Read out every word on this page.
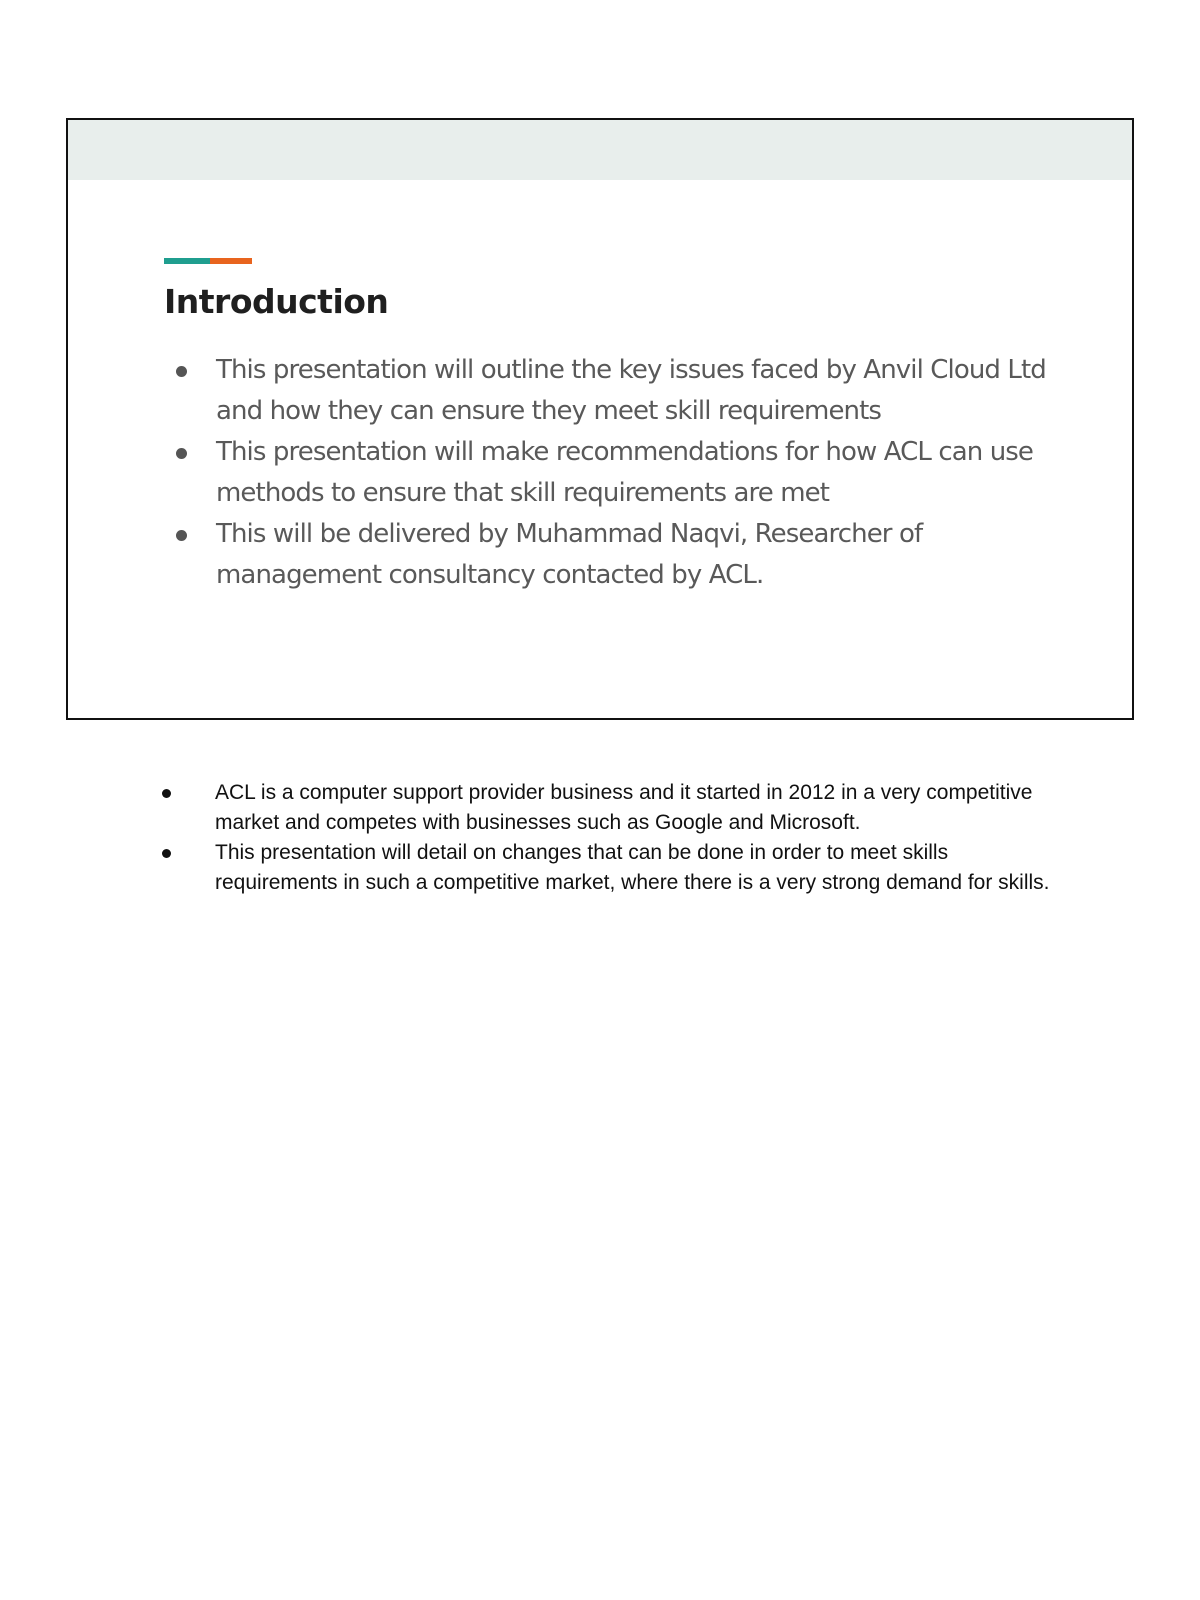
Introduction
This presentation will outline the key issues faced by Anvil Cloud Ltd and how they can ensure they meet skill requirements
This presentation will make recommendations for how ACL can use methods to ensure that skill requirements are met
This will be delivered by Muhammad Naqvi, Researcher of management consultancy contacted by ACL.
ACL is a computer support provider business and it started in 2012 in a very competitive market and competes with businesses such as Google and Microsoft.
This presentation will detail on changes that can be done in order to meet skills requirements in such a competitive market, where there is a very strong demand for skills.
